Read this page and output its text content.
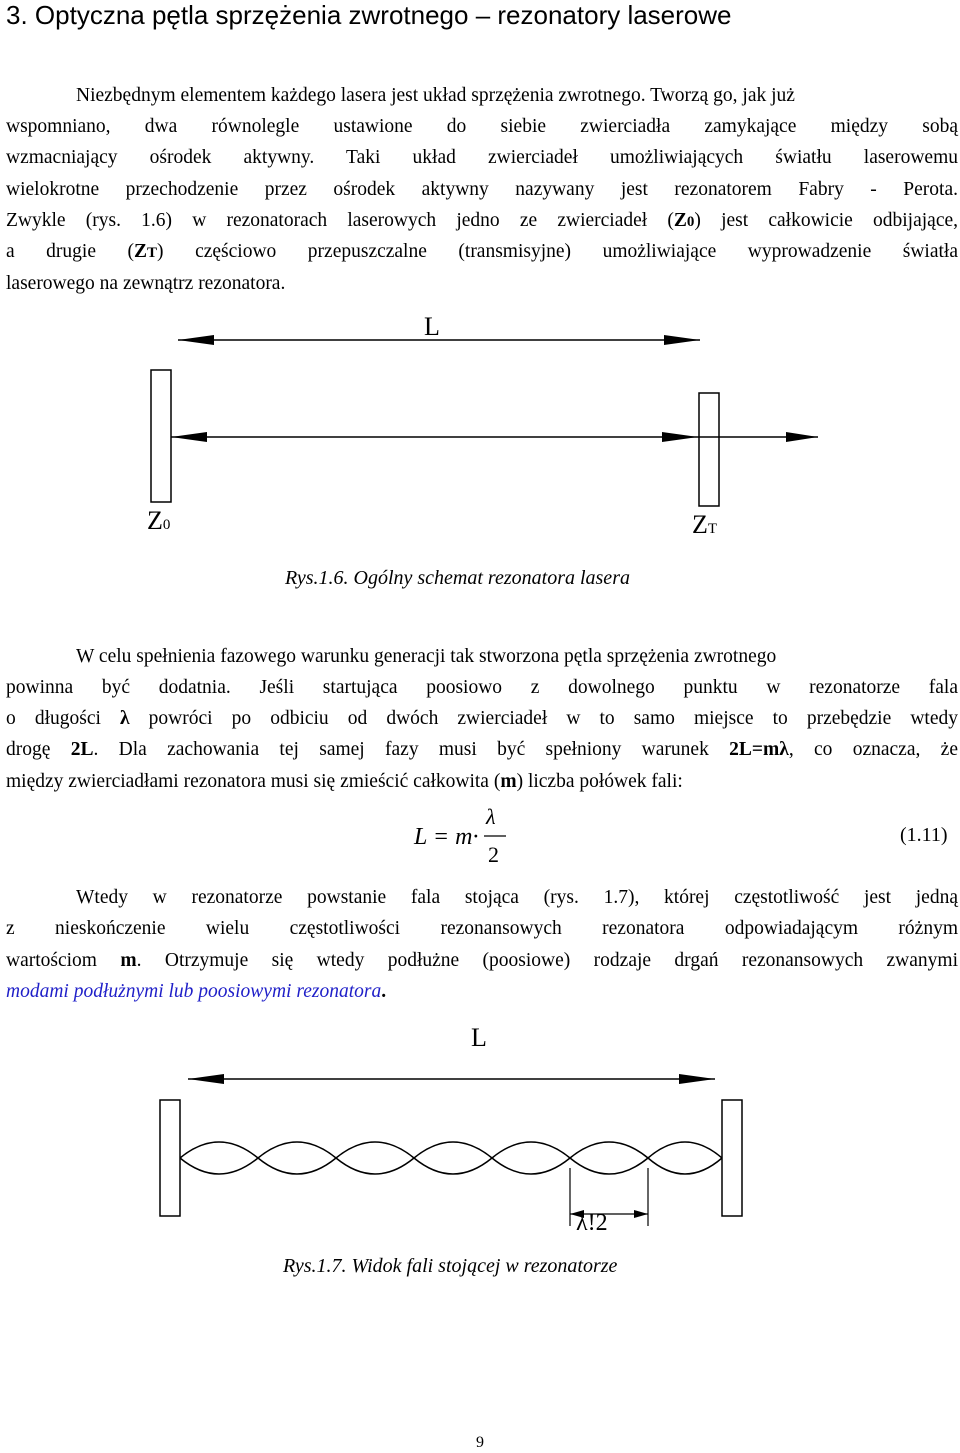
3. Optyczna pętla sprzężenia zwrotnego – rezonatory laserowe
Niezbędnym elementem każdego lasera jest układ sprzężenia zwrotnego. Tworzą go, jak już
wspomniano, dwa równolegle ustawione do siebie zwierciadła zamykające między sobą
wzmacniający ośrodek aktywny. Taki układ zwierciadeł umożliwiających światłu laserowemu
wielokrotne przechodzenie przez ośrodek aktywny nazywany jest rezonatorem Fabry - Perota.
Zwykle (rys. 1.6) w rezonatorach laserowych jedno ze zwierciadeł (Z0) jest całkowicie odbijające,
a drugie (ZT) częściowo przepuszczalne (transmisyjne) umożliwiające wyprowadzenie światła
laserowego na zewnątrz rezonatora.
L
Z0	ZT
Rys.1.6. Ogólny schemat rezonatora lasera
W celu spełnienia fazowego warunku generacji tak stworzona pętla sprzężenia zwrotnego
powinna być dodatnia. Jeśli startująca poosiowo z dowolnego punktu w rezonatorze fala
o długości λ powróci po odbiciu od dwóch zwierciadeł w to samo miejsce to przebędzie wtedy
drogę 2L. Dla zachowania tej samej fazy musi być spełniony warunek 2L=mλ, co oznacza, że
między zwierciadłami rezonatora musi się zmieścić całkowita (m) liczba połówek fali:
L = m·
λ
2
(1.11)
Wtedy w rezonatorze powstanie fala stojąca (rys. 1.7), której częstotliwość jest jedną
z nieskończenie wielu częstotliwości rezonansowych rezonatora odpowiadającym różnym
wartościom m. Otrzymuje się wtedy podłużne (poosiowe) rodzaje drgań rezonansowych zwanymi
modami podłużnymi lub poosiowymi rezonatora.
L
λ!2
Rys.1.7. Widok fali stojącej w rezonatorze
9
